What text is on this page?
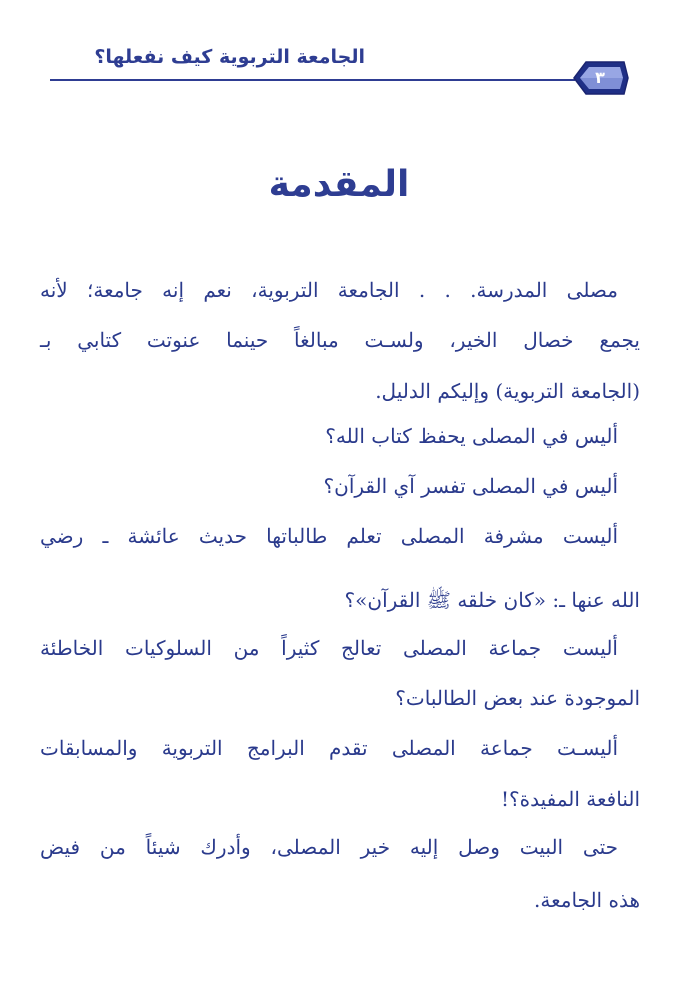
الجامعة التربوية كيف نفعلها؟
٣
المقدمة
مصلى المدرسة. . . الجامعة التربوية، نعم إنه جامعة؛ لأنه
يجمع خصال الخير، ولسـت مبالغاً حينما عنوتت كتابي بـ
(الجامعة التربوية) وإليكم الدليل.
أليس في المصلى يحفظ كتاب الله؟
أليس في المصلى تفسر آي القرآن؟
أليست مشرفة المصلى تعلم طالباتها حديث عائشة ـ رضي
الله عنها ـ: «كان خلقه ﷺ القرآن»؟
أليست جماعة المصلى تعالج كثيراً من السلوكيات الخاطئة
الموجودة عند بعض الطالبات؟
أليسـت جماعة المصلى تقدم البرامج التربوية والمسابقات
النافعة المفيدة؟!
حتى البيت وصل إليه خير المصلى، وأدرك شيئاً من فيض
هذه الجامعة.
